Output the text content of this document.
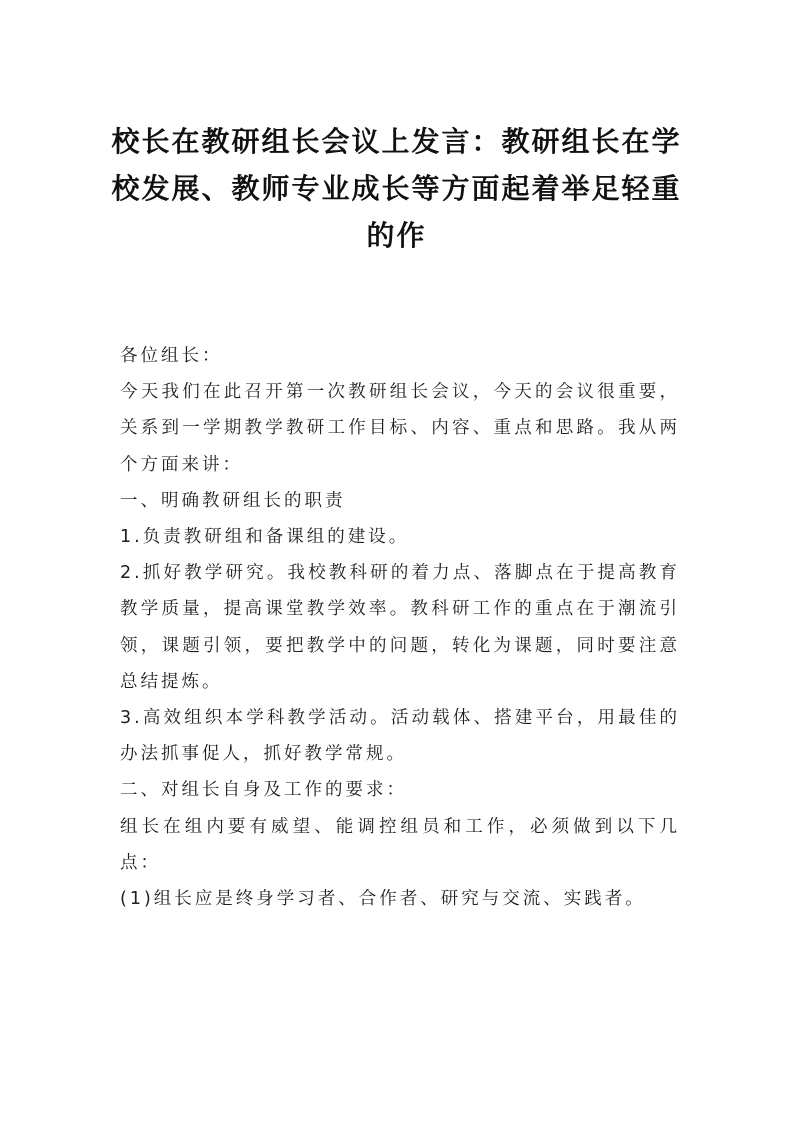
校长在教研组长会议上发言：教研组长在学校发展、教师专业成长等方面起着举足轻重的作

各位组长：

今天我们在此召开第一次教研组长会议，今天的会议很重要，关系到一学期教学教研工作目标、内容、重点和思路。我从两个方面来讲：

一、明确教研组长的职责

1.负责教研组和备课组的建设。

2.抓好教学研究。我校教科研的着力点、落脚点在于提高教育教学质量，提高课堂教学效率。教科研工作的重点在于潮流引领，课题引领，要把教学中的问题，转化为课题，同时要注意总结提炼。

3.高效组织本学科教学活动。活动载体、搭建平台，用最佳的办法抓事促人，抓好教学常规。

二、对组长自身及工作的要求：

组长在组内要有威望、能调控组员和工作，必须做到以下几点：

(1)组长应是终身学习者、合作者、研究与交流、实践者。
